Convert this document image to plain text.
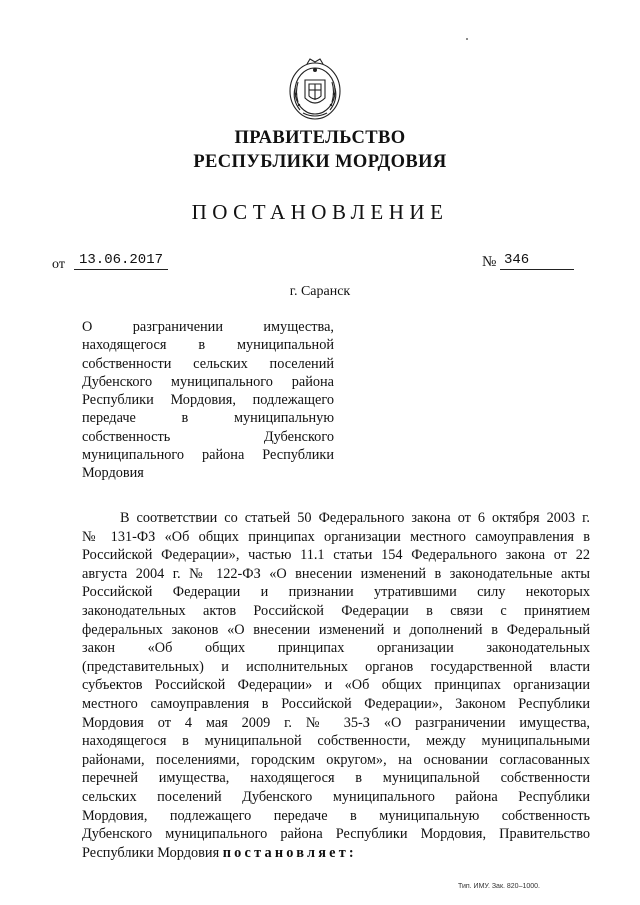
ПРАВИТЕЛЬСТВО
РЕСПУБЛИКИ МОРДОВИЯ
ПОСТАНОВЛЕНИЕ
от	13.06.2017	№ 346
г. Саранск
О разграничении имущества,
находящегося в муниципальной
собственности сельских поселений
Дубенского муниципального района
Республики Мордовия, подлежащего
передаче в муниципальную
собственность Дубенского
муниципального района Республики
Мордовия
В соответствии со статьей 50 Федерального закона от 6 октября 2003 г.
№ 131-ФЗ «Об общих принципах организации местного самоуправления в
Российской Федерации», частью 11.1 статьи 154 Федерального закона от 22
августа 2004 г. № 122-ФЗ «О внесении изменений в законодательные акты
Российской Федерации и признании утратившими силу некоторых
законодательных актов Российской Федерации в связи с принятием
федеральных законов «О внесении изменений и дополнений в Федеральный
закон «Об общих принципах организации законодательных
(представительных) и исполнительных органов государственной власти
субъектов Российской Федерации» и «Об общих принципах организации
местного самоуправления в Российской Федерации», Законом Республики
Мордовия от 4 мая 2009 г. № 35-З «О разграничении имущества,
находящегося в муниципальной собственности, между муниципальными
районами, поселениями, городским округом», на основании согласованных
перечней имущества, находящегося в муниципальной собственности
сельских поселений Дубенского муниципального района Республики
Мордовия, подлежащего передаче в муниципальную собственность
Дубенского муниципального района Республики Мордовия, Правительство
Республики Мордовия постановляет:
Тип. ИМУ. Зак. 820–1000.
